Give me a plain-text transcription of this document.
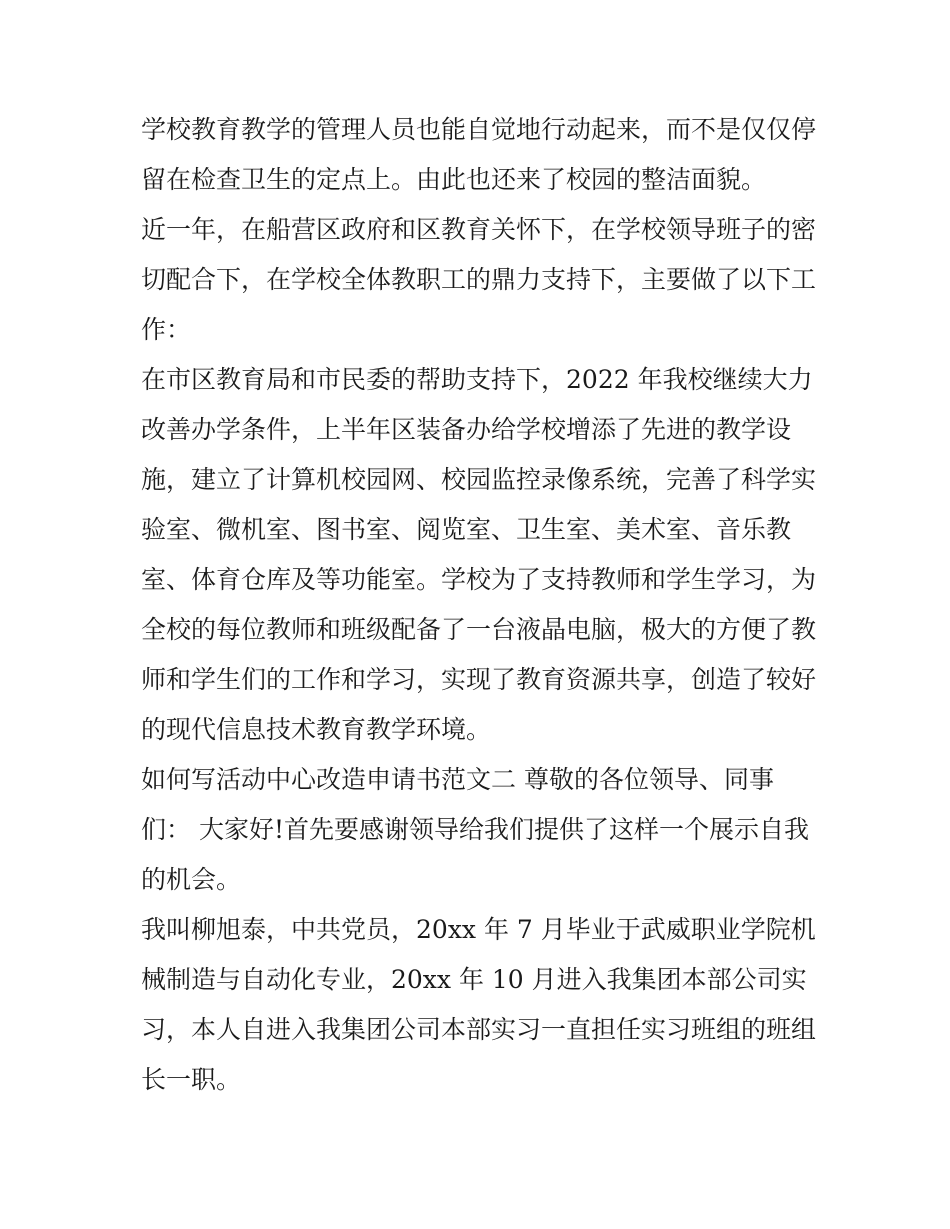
学校教育教学的管理人员也能自觉地行动起来，而不是仅仅停
留在检查卫生的定点上。由此也还来了校园的整洁面貌。
近一年，在船营区政府和区教育关怀下，在学校领导班子的密
切配合下，在学校全体教职工的鼎力支持下，主要做了以下工
作：
在市区教育局和市民委的帮助支持下，2022 年我校继续大力
改善办学条件，上半年区装备办给学校增添了先进的教学设
施，建立了计算机校园网、校园监控录像系统，完善了科学实
验室、微机室、图书室、阅览室、卫生室、美术室、音乐教
室、体育仓库及等功能室。学校为了支持教师和学生学习，为
全校的每位教师和班级配备了一台液晶电脑，极大的方便了教
师和学生们的工作和学习，实现了教育资源共享，创造了较好
的现代信息技术教育教学环境。
如何写活动中心改造申请书范文二 尊敬的各位领导、同事
们： 大家好!首先要感谢领导给我们提供了这样一个展示自我
的机会。
我叫柳旭泰，中共党员，20xx 年 7 月毕业于武威职业学院机
械制造与自动化专业，20xx 年 10 月进入我集团本部公司实
习，本人自进入我集团公司本部实习一直担任实习班组的班组
长一职。
